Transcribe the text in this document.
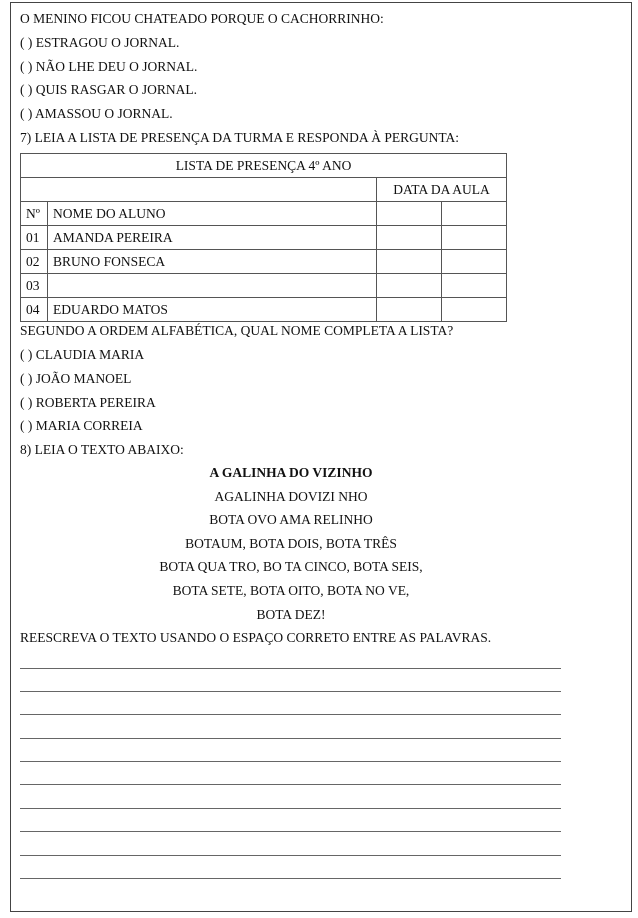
O MENINO FICOU CHATEADO PORQUE O CACHORRINHO:
( ) ESTRAGOU O JORNAL.
( ) NÃO LHE DEU O JORNAL.
( ) QUIS RASGAR O JORNAL.
( ) AMASSOU O JORNAL.
7) LEIA A LISTA DE PRESENÇA DA TURMA E RESPONDA À PERGUNTA:
LISTA DE PRESENÇA 4º ANO			
		DATA DA AULA	
Nº	NOME DO ALUNO		
01	AMANDA PEREIRA		
02	BRUNO FONSECA		
03			
04	EDUARDO MATOS		
SEGUNDO A ORDEM ALFABÉTICA, QUAL NOME COMPLETA A LISTA?
( ) CLAUDIA MARIA
( ) JOÃO MANOEL
( ) ROBERTA PEREIRA
( ) MARIA CORREIA
8) LEIA O TEXTO ABAIXO:
A GALINHA DO VIZINHO
AGALINHA DOVIZI NHO
BOTA OVO AMA RELINHO
BOTAUM, BOTA DOIS, BOTA TRÊS
BOTA QUA TRO, BO TA CINCO, BOTA SEIS,
BOTA SETE, BOTA OITO, BOTA NO VE,
BOTA DEZ!
REESCREVA O TEXTO USANDO O ESPAÇO CORRETO ENTRE AS PALAVRAS.
